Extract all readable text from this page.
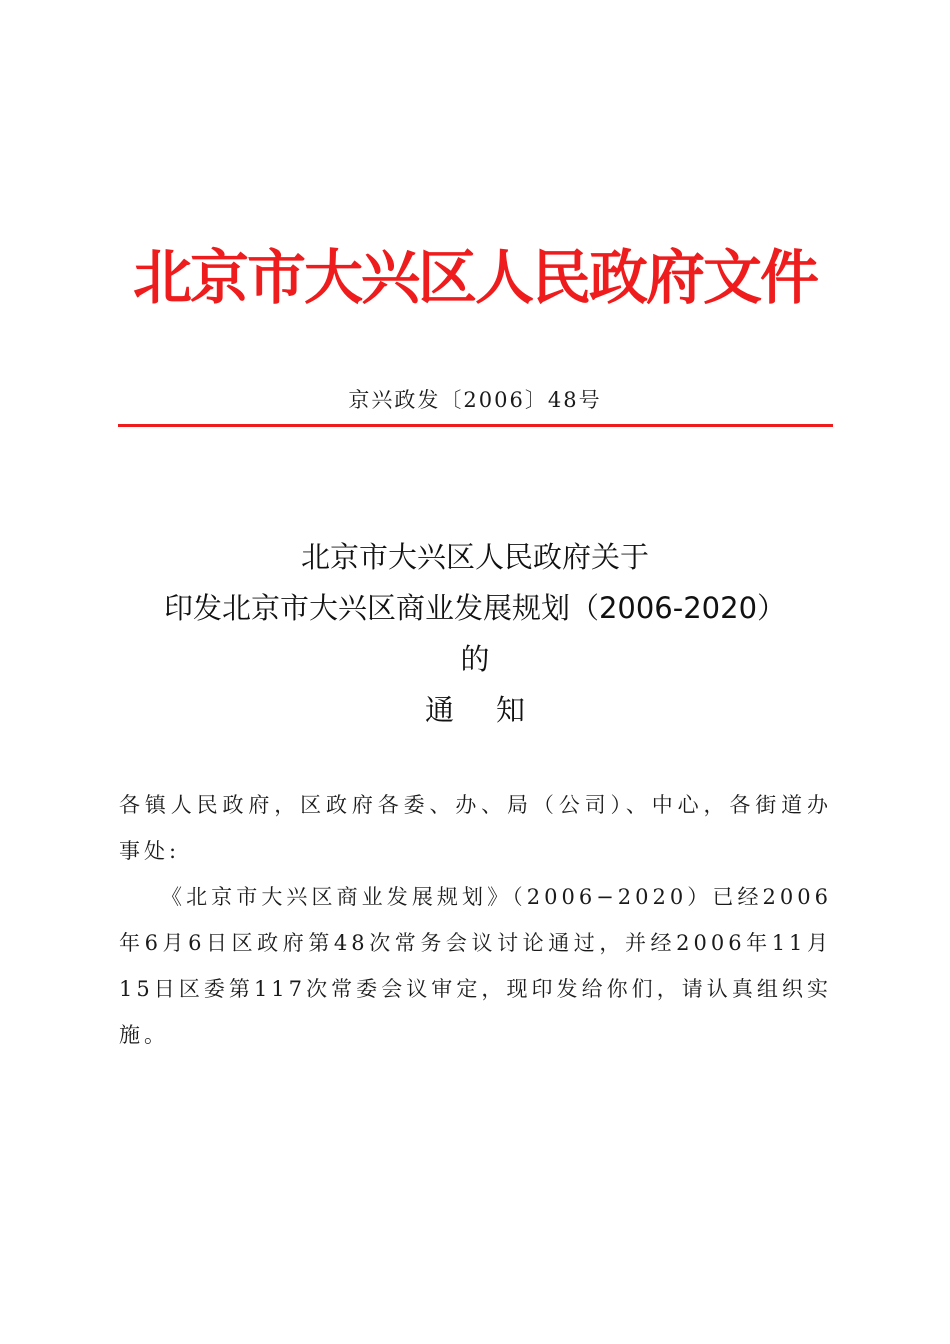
北京市大兴区人民政府文件
京兴政发〔2006〕48号
北京市大兴区人民政府关于
印发北京市大兴区商业发展规划（2006-2020）
的
通知

各镇人民政府，区政府各委、办、局（公司）、中心，各街道办事处:

《北京市大兴区商业发展规划》（2006−2020）已经2006年6月6日区政府第48次常务会议讨论通过，并经2006年11月15日区委第117次常委会议审定，现印发给你们，请认真组织实施。
